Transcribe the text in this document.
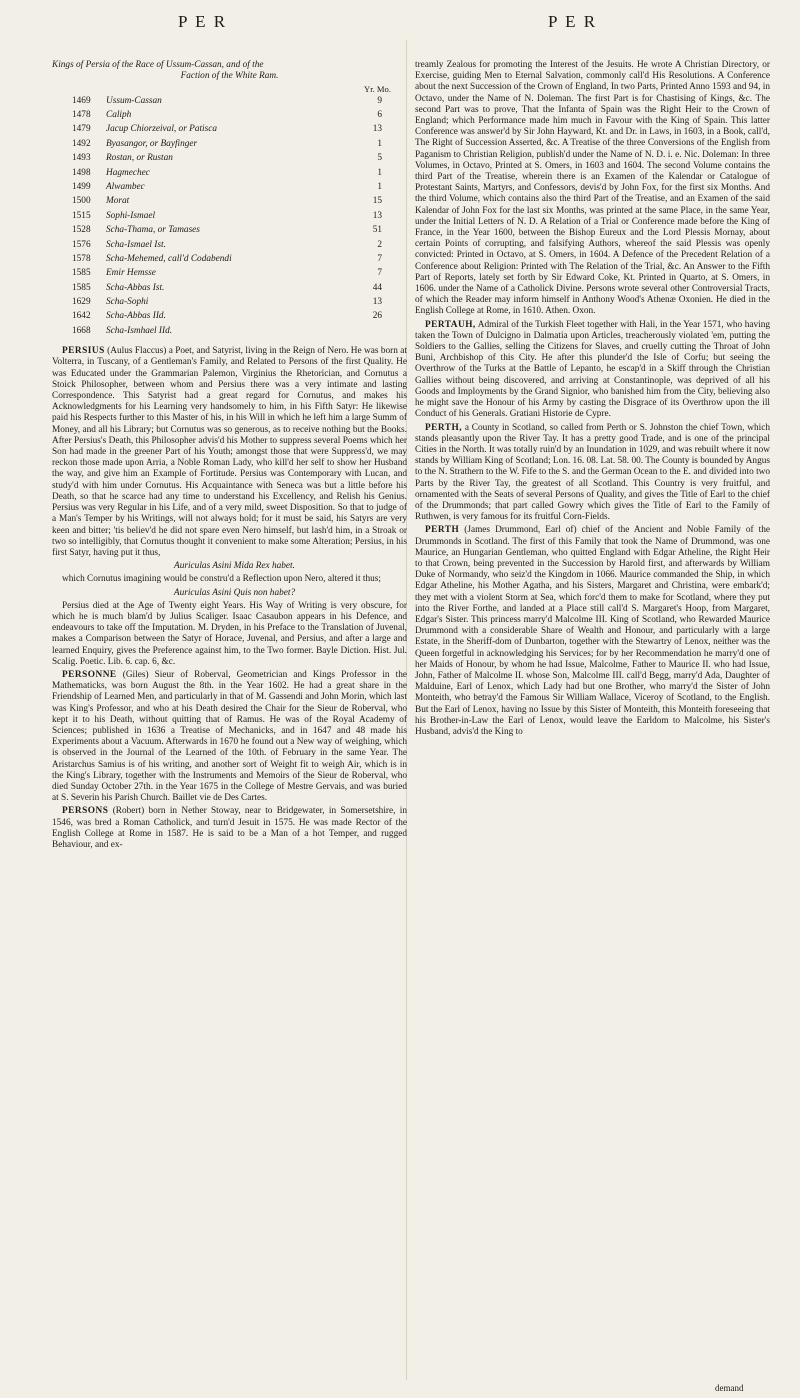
P E R	P E R
Kings of Persia of the Race of Ussum-Cassan, and of the
Faction of the White Ram.
Yr. Mo.
1469	Ussum-Cassan	9
1478	Caliph	6
1479	Jacup Chiorzeival, or Patisca	13
1492	Byasangor, or Bayfinger	1
1493	Rostan, or Rustan	5
1498	Hagmechec	1
1499	Alwambec	1
1500	Morat	15
1515	Sophi-Ismael	13
1528	Scha-Thama, or Tamases	51
1576	Scha-Ismael Ist.	2
1578	Scha-Mehemed, call'd Codabendi	7
1585	Emir Hemsse	7
1585	Scha-Abbas Ist.	44
1629	Scha-Sophi	13
1642	Scha-Abbas IId.	26
1668	Scha-Ismhael IId.	

PERSIUS (Aulus Flaccus) a Poet, and Satyrist, living in the Reign of Nero. He was born at Volterra, in Tuscany, of a Gentleman's Family, and Related to Persons of the first Quality. He was Educated under the Grammarian Palemon, Virginius the Rhetorician, and Cornutus a Stoick Philosopher, between whom and Persius there was a very intimate and lasting Correspondence. This Satyrist had a great regard for Cornutus, and makes his Acknowledgments for his Learning very handsomely to him, in his Fifth Satyr: He likewise paid his Respects further to this Master of his, in his Will in which he left him a large Summ of Money, and all his Library; but Cornutus was so generous, as to receive nothing but the Books. After Persius's Death, this Philosopher advis'd his Mother to suppress several Poems which her Son had made in the greener Part of his Youth; amongst those that were Suppress'd, we may reckon those made upon Arria, a Noble Roman Lady, who kill'd her self to show her Husband the way, and give him an Example of Fortitude. Persius was Contemporary with Lucan, and study'd with him under Cornutus. His Acquaintance with Seneca was but a little before his Death, so that he scarce had any time to understand his Excellency, and Relish his Genius. Persius was very Regular in his Life, and of a very mild, sweet Disposition. So that to judge of a Man's Temper by his Writings, will not always hold; for it must be said, his Satyrs are very keen and bitter; 'tis believ'd he did not spare even Nero himself, but lash'd him, in a Stroak or two so intelligibly, that Cornutus thought it convenient to make some Alteration; Persius, in his first Satyr, having put it thus,

Auriculas Asini Mida Rex habet.

which Cornutus imagining would be constru'd a Reflection upon Nero, altered it thus;

Auriculas Asini Quis non habet?

Persius died at the Age of Twenty eight Years. His Way of Writing is very obscure, for which he is much blam'd by Julius Scaliger. Isaac Casaubon appears in his Defence, and endeavours to take off the Imputation. M. Dryden, in his Preface to the Translation of Juvenal, makes a Comparison between the Satyr of Horace, Juvenal, and Persius, and after a large and learned Enquiry, gives the Preference against him, to the Two former. Bayle Diction. Hist. Jul. Scalig. Poetic. Lib. 6. cap. 6, &c.

PERSONNE (Giles) Sieur of Roberval, Geometrician and Kings Professor in the Mathematicks, was born August the 8th. in the Year 1602. He had a great share in the Friendship of Learned Men, and particularly in that of M. Gassendi and John Morin, which last was King's Professor, and who at his Death desired the Chair for the Sieur de Roberval, who kept it to his Death, without quitting that of Ramus. He was of the Royal Academy of Sciences; published in 1636 a Treatise of Mechanicks, and in 1647 and 48 made his Experiments about a Vacuum. Afterwards in 1670 he found out a New way of weighing, which is observed in the Journal of the Learned of the 10th. of February in the same Year. The Aristarchus Samius is of his writing, and another sort of Weight fit to weigh Air, which is in the King's Library, together with the Instruments and Memoirs of the Sieur de Roberval, who died Sunday October 27th. in the Year 1675 in the College of Mestre Gervais, and was buried at S. Severin his Parish Church. Baillet vie de Des Cartes.

PERSONS (Robert) born in Nether Stoway, near to Bridgewater, in Somersetshire, in 1546, was bred a Roman Catholick, and turn'd Jesuit in 1575. He was made Rector of the English College at Rome in 1587. He is said to be a Man of a hot Temper, and rugged Behaviour, and ex-

treamly Zealous for promoting the Interest of the Jesuits. He wrote A Christian Directory, or Exercise, guiding Men to Eternal Salvation, commonly call'd His Resolutions. A Conference about the next Succession of the Crown of England, In two Parts, Printed Anno 1593 and 94, in Octavo, under the Name of N. Doleman. The first Part is for Chastising of Kings, &c. The second Part was to prove, That the Infanta of Spain was the Right Heir to the Crown of England; which Performance made him much in Favour with the King of Spain. This latter Conference was answer'd by Sir John Hayward, Kt. and Dr. in Laws, in 1603, in a Book, call'd, The Right of Succession Asserted, &c. A Treatise of the three Conversions of the English from Paganism to Christian Religion, publish'd under the Name of N. D. i. e. Nic. Doleman: In three Volumes, in Octavo, Printed at S. Omers, in 1603 and 1604. The second Volume contains the third Part of the Treatise, wherein there is an Examen of the Kalendar or Catalogue of Protestant Saints, Martyrs, and Confessors, devis'd by John Fox, for the first six Months. And the third Volume, which contains also the third Part of the Treatise, and an Examen of the said Kalendar of John Fox for the last six Months, was printed at the same Place, in the same Year, under the Initial Letters of N. D. A Relation of a Trial or Conference made before the King of France, in the Year 1600, between the Bishop Eureux and the Lord Plessis Mornay, about certain Points of corrupting, and falsifying Authors, whereof the said Plessis was openly convicted: Printed in Octavo, at S. Omers, in 1604. A Defence of the Precedent Relation of a Conference about Religion: Printed with The Relation of the Trial, &c. An Answer to the Fifth Part of Reports, lately set forth by Sir Edward Coke, Kt. Printed in Quarto, at S. Omers, in 1606. under the Name of a Catholick Divine. Persons wrote several other Controversial Tracts, of which the Reader may inform himself in Anthony Wood's Athenæ Oxonien. He died in the English College at Rome, in 1610. Athen. Oxon.

PERTAUH, Admiral of the Turkish Fleet together with Hali, in the Year 1571, who having taken the Town of Dulcigno in Dalmatia upon Articles, treacherously violated 'em, putting the Soldiers to the Gallies, selling the Citizens for Slaves, and cruelly cutting the Throat of John Buni, Archbishop of this City. He after this plunder'd the Isle of Corfu; but seeing the Overthrow of the Turks at the Battle of Lepanto, he escap'd in a Skiff through the Christian Gallies without being discovered, and arriving at Constantinople, was deprived of all his Goods and Imployments by the Grand Signior, who banished him from the City, believing also he might save the Honour of his Army by casting the Disgrace of its Overthrow upon the ill Conduct of his Generals. Gratiani Historie de Cypre.

PERTH, a County in Scotland, so called from Perth or S. Johnston the chief Town, which stands pleasantly upon the River Tay. It has a pretty good Trade, and is one of the principal Cities in the North. It was totally ruin'd by an Inundation in 1029, and was rebuilt where it now stands by William King of Scotland; Lon. 16. 08. Lat. 58. 00. The County is bounded by Angus to the N. Strathern to the W. Fife to the S. and the German Ocean to the E. and divided into two Parts by the River Tay, the greatest of all Scotland. This Country is very fruitful, and ornamented with the Seats of several Persons of Quality, and gives the Title of Earl to the chief of the Drummonds; that part called Gowry which gives the Title of Earl to the Family of Ruthwen, is very famous for its fruitful Corn-Fields.

PERTH (James Drummond, Earl of) chief of the Ancient and Noble Family of the Drummonds in Scotland. The first of this Family that took the Name of Drummond, was one Maurice, an Hungarian Gentleman, who quitted England with Edgar Atheline, the Right Heir to that Crown, being prevented in the Succession by Harold first, and afterwards by William Duke of Normandy, who seiz'd the Kingdom in 1066. Maurice commanded the Ship, in which Edgar Atheline, his Mother Agatha, and his Sisters, Margaret and Christina, were embark'd; they met with a violent Storm at Sea, which forc'd them to make for Scotland, where they put into the River Forthe, and landed at a Place still call'd S. Margaret's Hoop, from Margaret, Edgar's Sister. This princess marry'd Malcolme III. King of Scotland, who Rewarded Maurice Drummond with a considerable Share of Wealth and Honour, and particularly with a large Estate, in the Sheriff-dom of Dunbarton, together with the Stewartry of Lenox, neither was the Queen forgetful in acknowledging his Services; for by her Recommendation he marry'd one of her Maids of Honour, by whom he had Issue, Malcolme, Father to Maurice II. who had Issue, John, Father of Malcolme II. whose Son, Malcolme III. call'd Begg, marry'd Ada, Daughter of Malduine, Earl of Lenox, which Lady had but one Brother, who marry'd the Sister of John Monteith, who betray'd the Famous Sir William Wallace, Viceroy of Scotland, to the English. But the Earl of Lenox, having no Issue by this Sister of Monteith, this Monteith foreseeing that his Brother-in-Law the Earl of Lenox, would leave the Earldom to Malcolme, his Sister's Husband, advis'd the King to

demand
